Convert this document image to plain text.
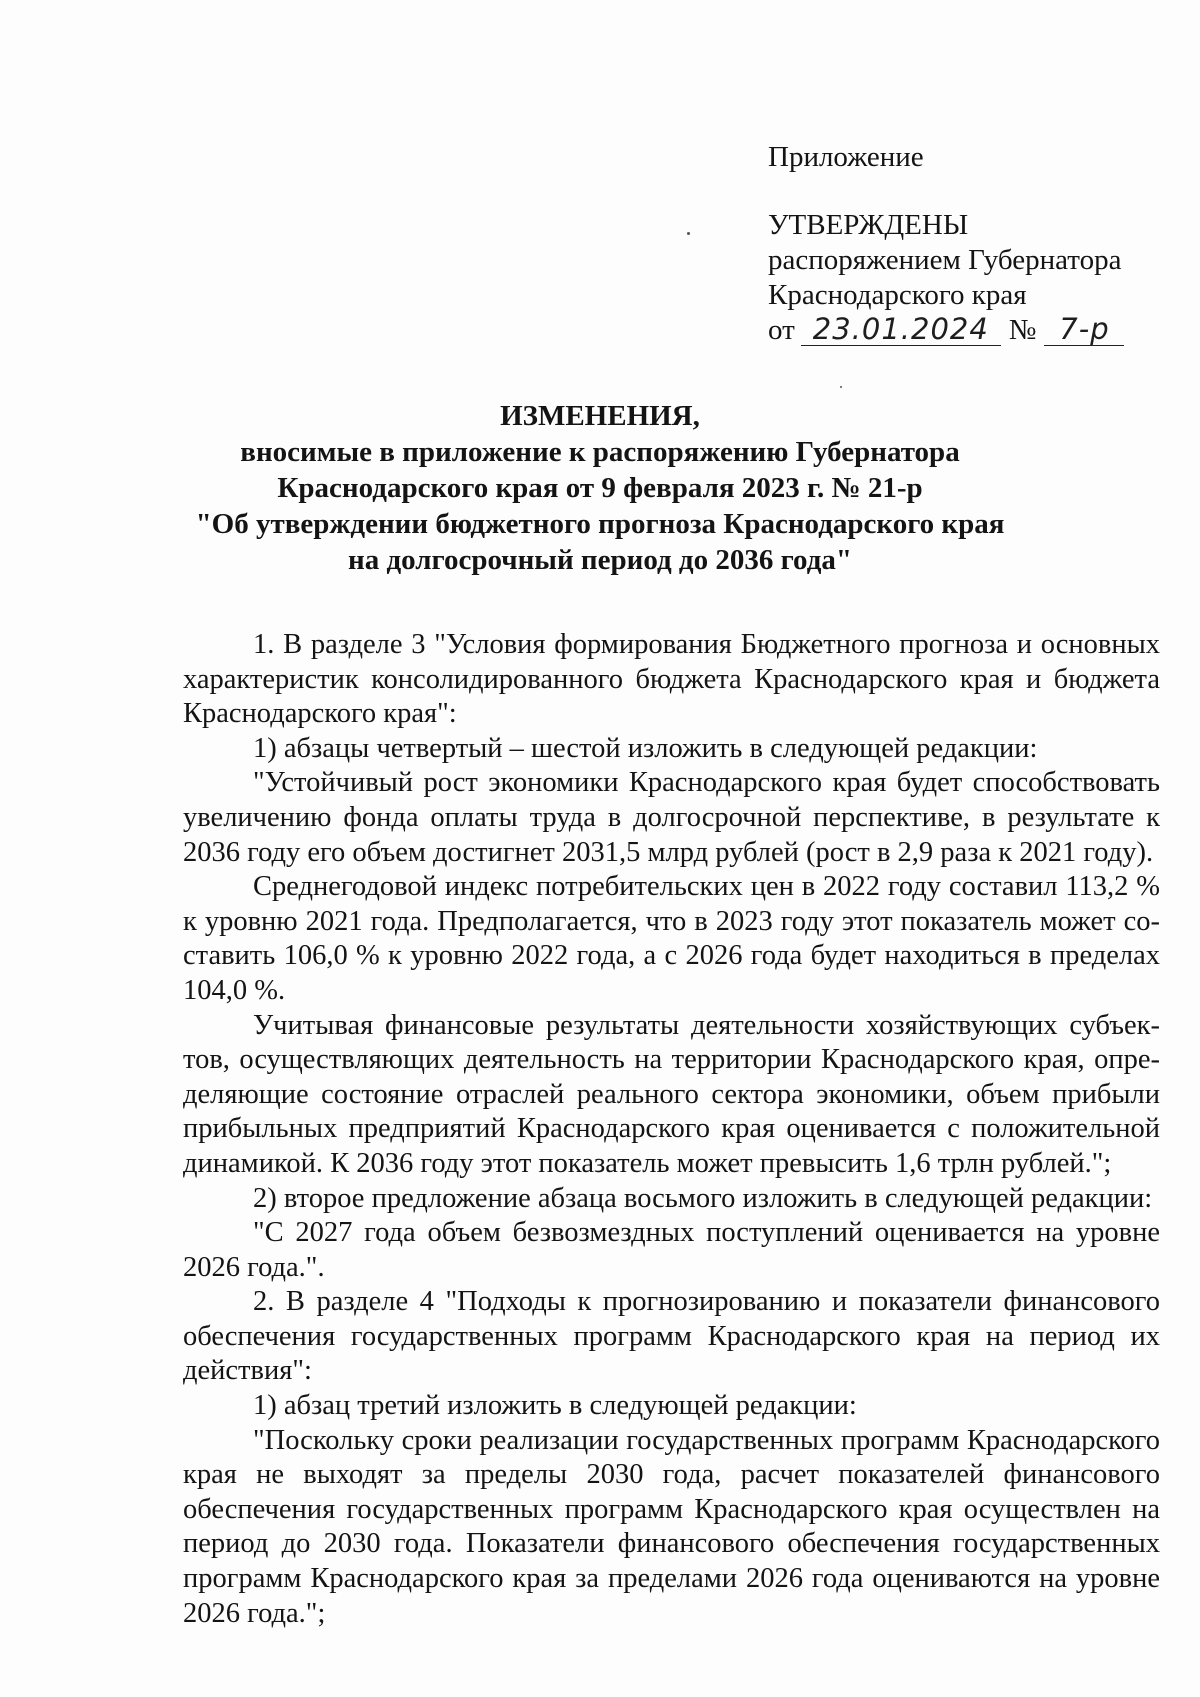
Приложение
УТВЕРЖДЕНЫ
распоряжением Губернатора
Краснодарского края
от 23.01.2024 № 7-р
ИЗМЕНЕНИЯ,
вносимые в приложение к распоряжению Губернатора
Краснодарского края от 9 февраля 2023 г. № 21-р
"Об утверждении бюджетного прогноза Краснодарского края
на долгосрочный период до 2036 года"

1. В разделе 3 "Условия формирования Бюджетного прогноза и основных характеристик консолидированного бюджета Краснодарского края и бюджета Краснодарского края":

1) абзацы четвертый – шестой изложить в следующей редакции:

"Устойчивый рост экономики Краснодарского края будет способствовать увеличению фонда оплаты труда в долгосрочной перспективе, в результате к 2036 году его объем достигнет 2031,5 млрд рублей (рост в 2,9 раза к 2021 году).

Среднегодовой индекс потребительских цен в 2022 году составил 113,2 % к уровню 2021 года. Предполагается, что в 2023 году этот показатель может составить 106,0 % к уровню 2022 года, а с 2026 года будет находиться в пределах 104,0 %.

Учитывая финансовые результаты деятельности хозяйствующих субъектов, осуществляющих деятельность на территории Краснодарского края, определяющие состояние отраслей реального сектора экономики, объем прибыли прибыльных предприятий Краснодарского края оценивается с положительной динамикой. К 2036 году этот показатель может превысить 1,6 трлн рублей.";

2) второе предложение абзаца восьмого изложить в следующей редакции:

"С 2027 года объем безвозмездных поступлений оценивается на уровне 2026 года.".

2. В разделе 4 "Подходы к прогнозированию и показатели финансового обеспечения государственных программ Краснодарского края на период их действия":

1) абзац третий изложить в следующей редакции:

"Поскольку сроки реализации государственных программ Краснодарского края не выходят за пределы 2030 года, расчет показателей финансового обеспечения государственных программ Краснодарского края осуществлен на период до 2030 года. Показатели финансового обеспечения государственных программ Краснодарского края за пределами 2026 года оцениваются на уровне 2026 года.";
